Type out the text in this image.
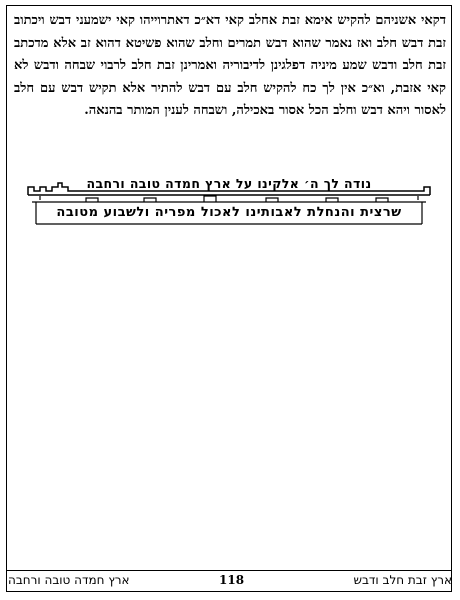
דקאי אשניהם להקיש אימא זבת אחלב קאי דא״כ דאתרוייהו קאי ישמעני דבש ויכתוב זבת דבש חלב ואז נאמר שהוא דבש תמרים וחלב שהוא פשיטא דהוא זב אלא מדכתב זבת חלב ודבש שמע מיניה דפלגינן לדיבוריה ואמרינן זבת חלב לרבוי שבחה ודבש לא קאי אזבת, וא״כ אין לך כח להקיש חלב עם דבש להתיר אלא תקיש דבש עם חלב לאסור ויהא דבש וחלב הכל אסור באכילה, ושבחה לענין המותר בהנאה.

נודה לך ה׳ אלקינו על ארץ חמדה טובה ורחבה
שרצית והנחלת לאבותינו לאכול מפריה ולשבוע מטובה
ארץ חמדה טובה ורחבה	118	ארץ זבת חלב ודבש
